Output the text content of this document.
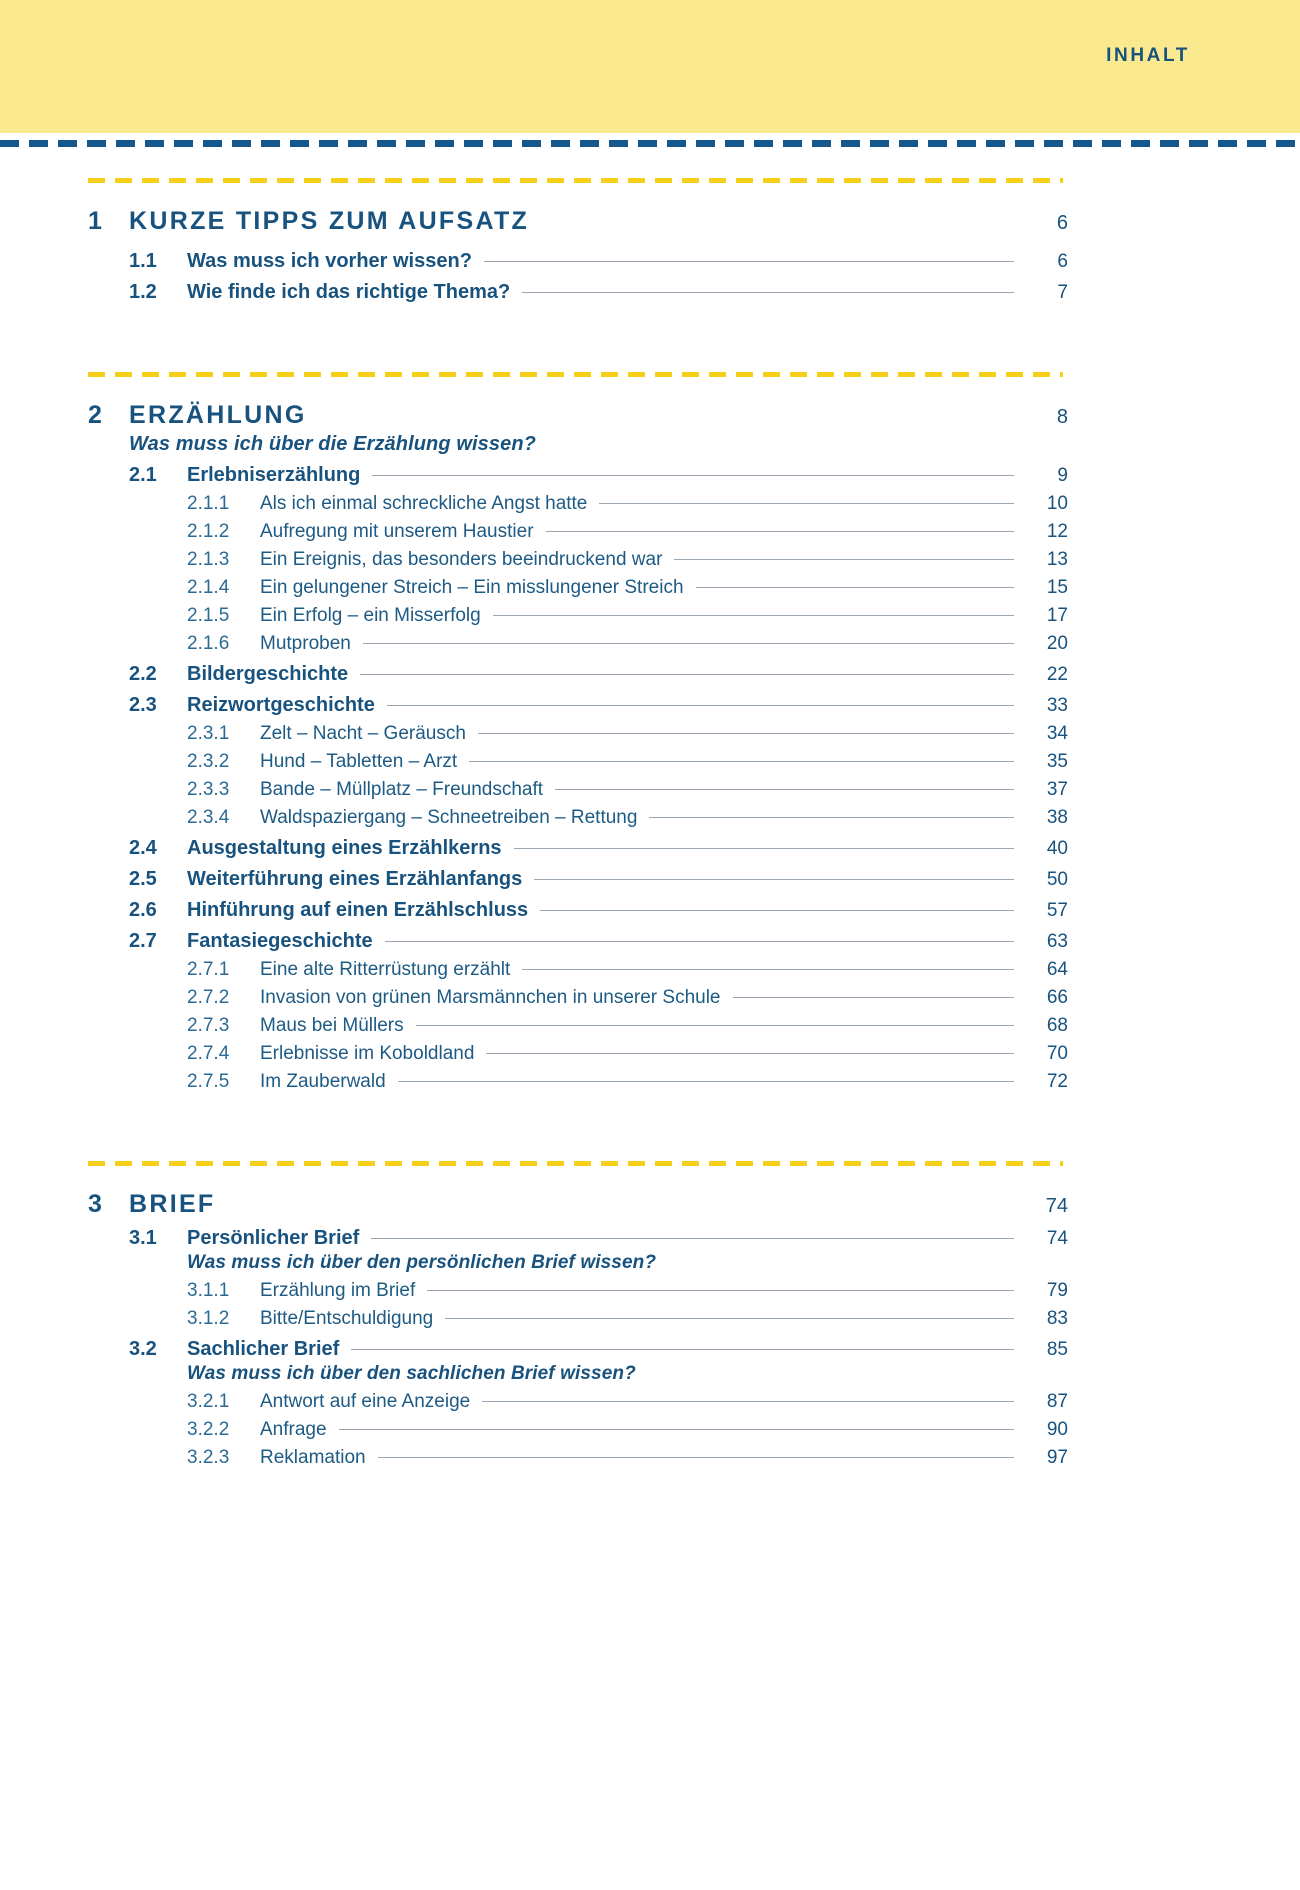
INHALT
1	KURZE TIPPS ZUM AUFSATZ	6
1.1	Was muss ich vorher wissen?	6
1.2	Wie finde ich das richtige Thema?	7
2	ERZÄHLUNG	8
Was muss ich über die Erzählung wissen?
2.1	Erlebniserzählung	9
2.1.1	Als ich einmal schreckliche Angst hatte	10
2.1.2	Aufregung mit unserem Haustier	12
2.1.3	Ein Ereignis, das besonders beeindruckend war	13
2.1.4	Ein gelungener Streich – Ein misslungener Streich	15
2.1.5	Ein Erfolg – ein Misserfolg	17
2.1.6	Mutproben	20
2.2	Bildergeschichte	22
2.3	Reizwortgeschichte	33
2.3.1	Zelt – Nacht – Geräusch	34
2.3.2	Hund – Tabletten – Arzt	35
2.3.3	Bande – Müllplatz – Freundschaft	37
2.3.4	Waldspaziergang – Schneetreiben – Rettung	38
2.4	Ausgestaltung eines Erzählkerns	40
2.5	Weiterführung eines Erzählanfangs	50
2.6	Hinführung auf einen Erzählschluss	57
2.7	Fantasiegeschichte	63
2.7.1	Eine alte Ritterrüstung erzählt	64
2.7.2	Invasion von grünen Marsmännchen in unserer Schule	66
2.7.3	Maus bei Müllers	68
2.7.4	Erlebnisse im Koboldland	70
2.7.5	Im Zauberwald	72
3	BRIEF	74
3.1	Persönlicher Brief	74
Was muss ich über den persönlichen Brief wissen?
3.1.1	Erzählung im Brief	79
3.1.2	Bitte/Entschuldigung	83
3.2	Sachlicher Brief	85
Was muss ich über den sachlichen Brief wissen?
3.2.1	Antwort auf eine Anzeige	87
3.2.2	Anfrage	90
3.2.3	Reklamation	97
